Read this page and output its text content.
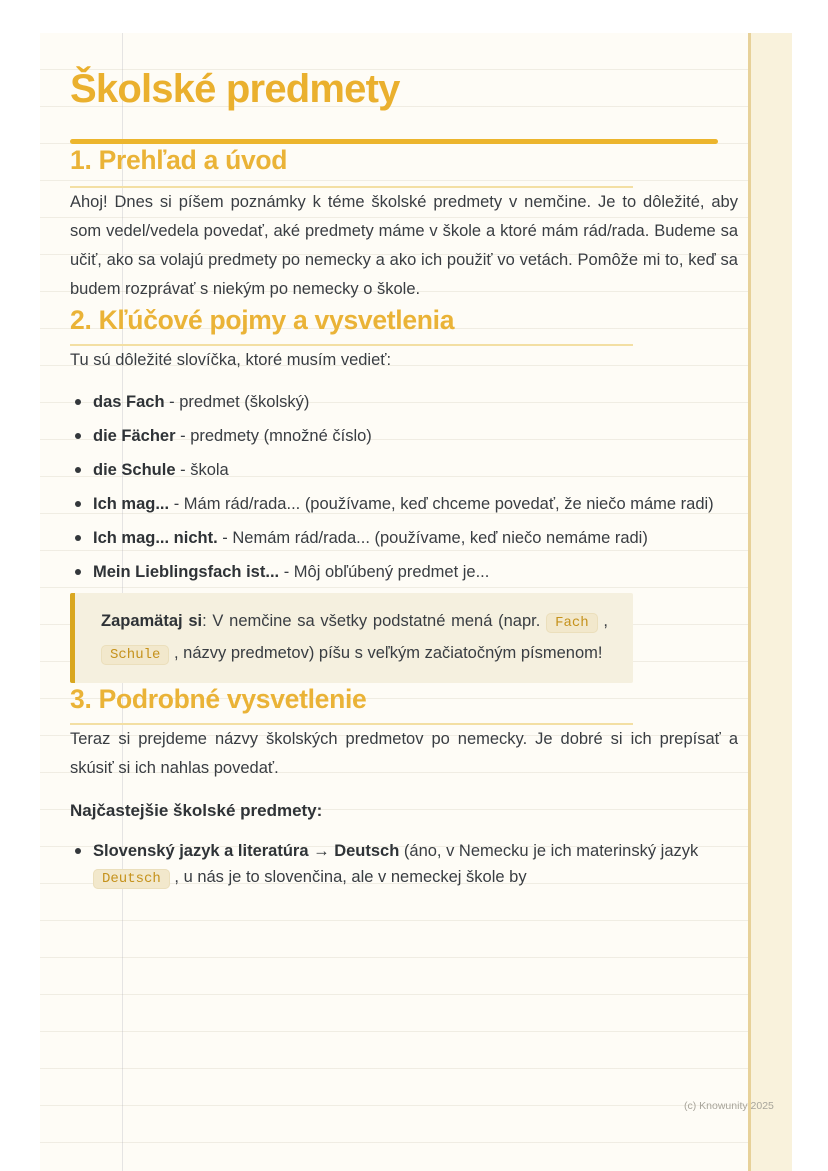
Školské predmety
1. Prehľad a úvod

Ahoj! Dnes si píšem poznámky k téme školské predmety v nemčine. Je to dôležité, aby som vedel/vedela povedať, aké predmety máme v škole a ktoré mám rád/rada. Budeme sa učiť, ako sa volajú predmety po nemecky a ako ich použiť vo vetách. Pomôže mi to, keď sa budem rozprávať s niekým po nemecky o škole.

2. Kľúčové pojmy a vysvetlenia

Tu sú dôležité slovíčka, ktoré musím vedieť:

das Fach - predmet (školský)
die Fächer - predmety (množné číslo)
die Schule - škola
Ich mag... - Mám rád/rada... (používame, keď chceme povedať, že niečo máme radi)
Ich mag... nicht. - Nemám rád/rada... (používame, keď niečo nemáme radi)
Mein Lieblingsfach ist... - Môj obľúbený predmet je...
Zapamätaj si: V nemčine sa všetky podstatné mená (napr. Fach , Schule , názvy predmetov) píšu s veľkým začiatočným písmenom!
3. Podrobné vysvetlenie

Teraz si prejdeme názvy školských predmetov po nemecky. Je dobré si ich prepísať a skúsiť si ich nahlas povedať.

Najčastejšie školské predmety:
Slovenský jazyk a literatúra → Deutsch (áno, v Nemecku je ich materinský jazyk Deutsch , u nás je to slovenčina, ale v nemeckej škole by
(c) Knowunity 2025
